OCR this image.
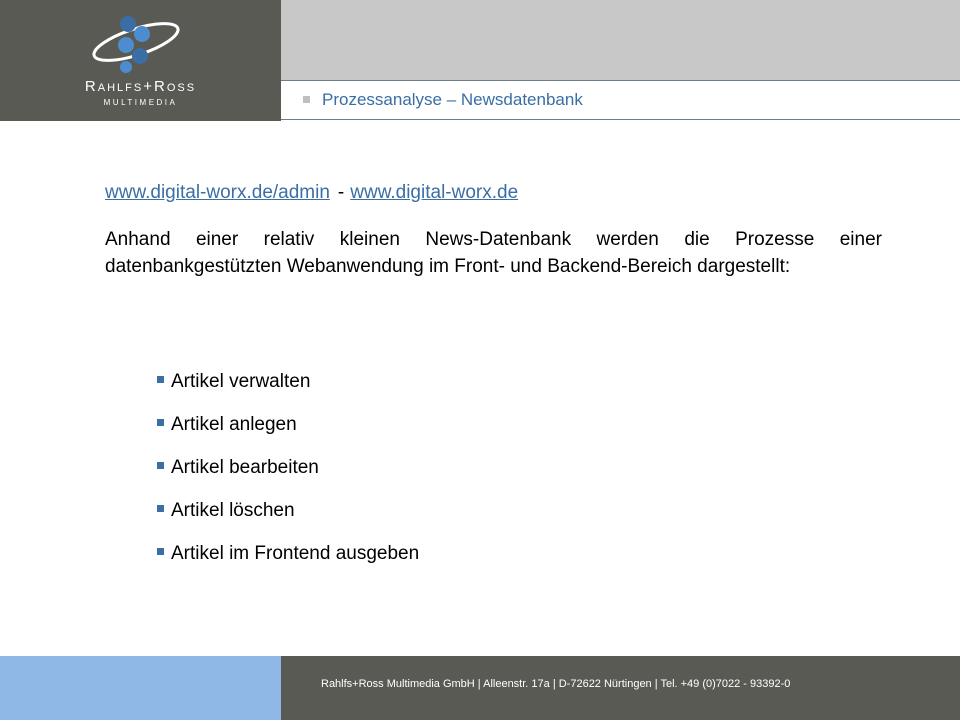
RAHLFS+ROSS
MULTIMEDIA	Prozessanalyse – Newsdatenbank
www.digital-worx.de/admin - www.digital-worx.de

Anhand einer relativ kleinen News-Datenbank werden die Prozesse einer datenbankgestützten Webanwendung im Front- und Backend-Bereich dargestellt:

Artikel verwalten
Artikel anlegen
Artikel bearbeiten
Artikel löschen
Artikel im Frontend ausgeben
Rahlfs+Ross Multimedia GmbH | Alleenstr. 17a | D-72622 Nürtingen | Tel. +49 (0)7022 - 93392-0
